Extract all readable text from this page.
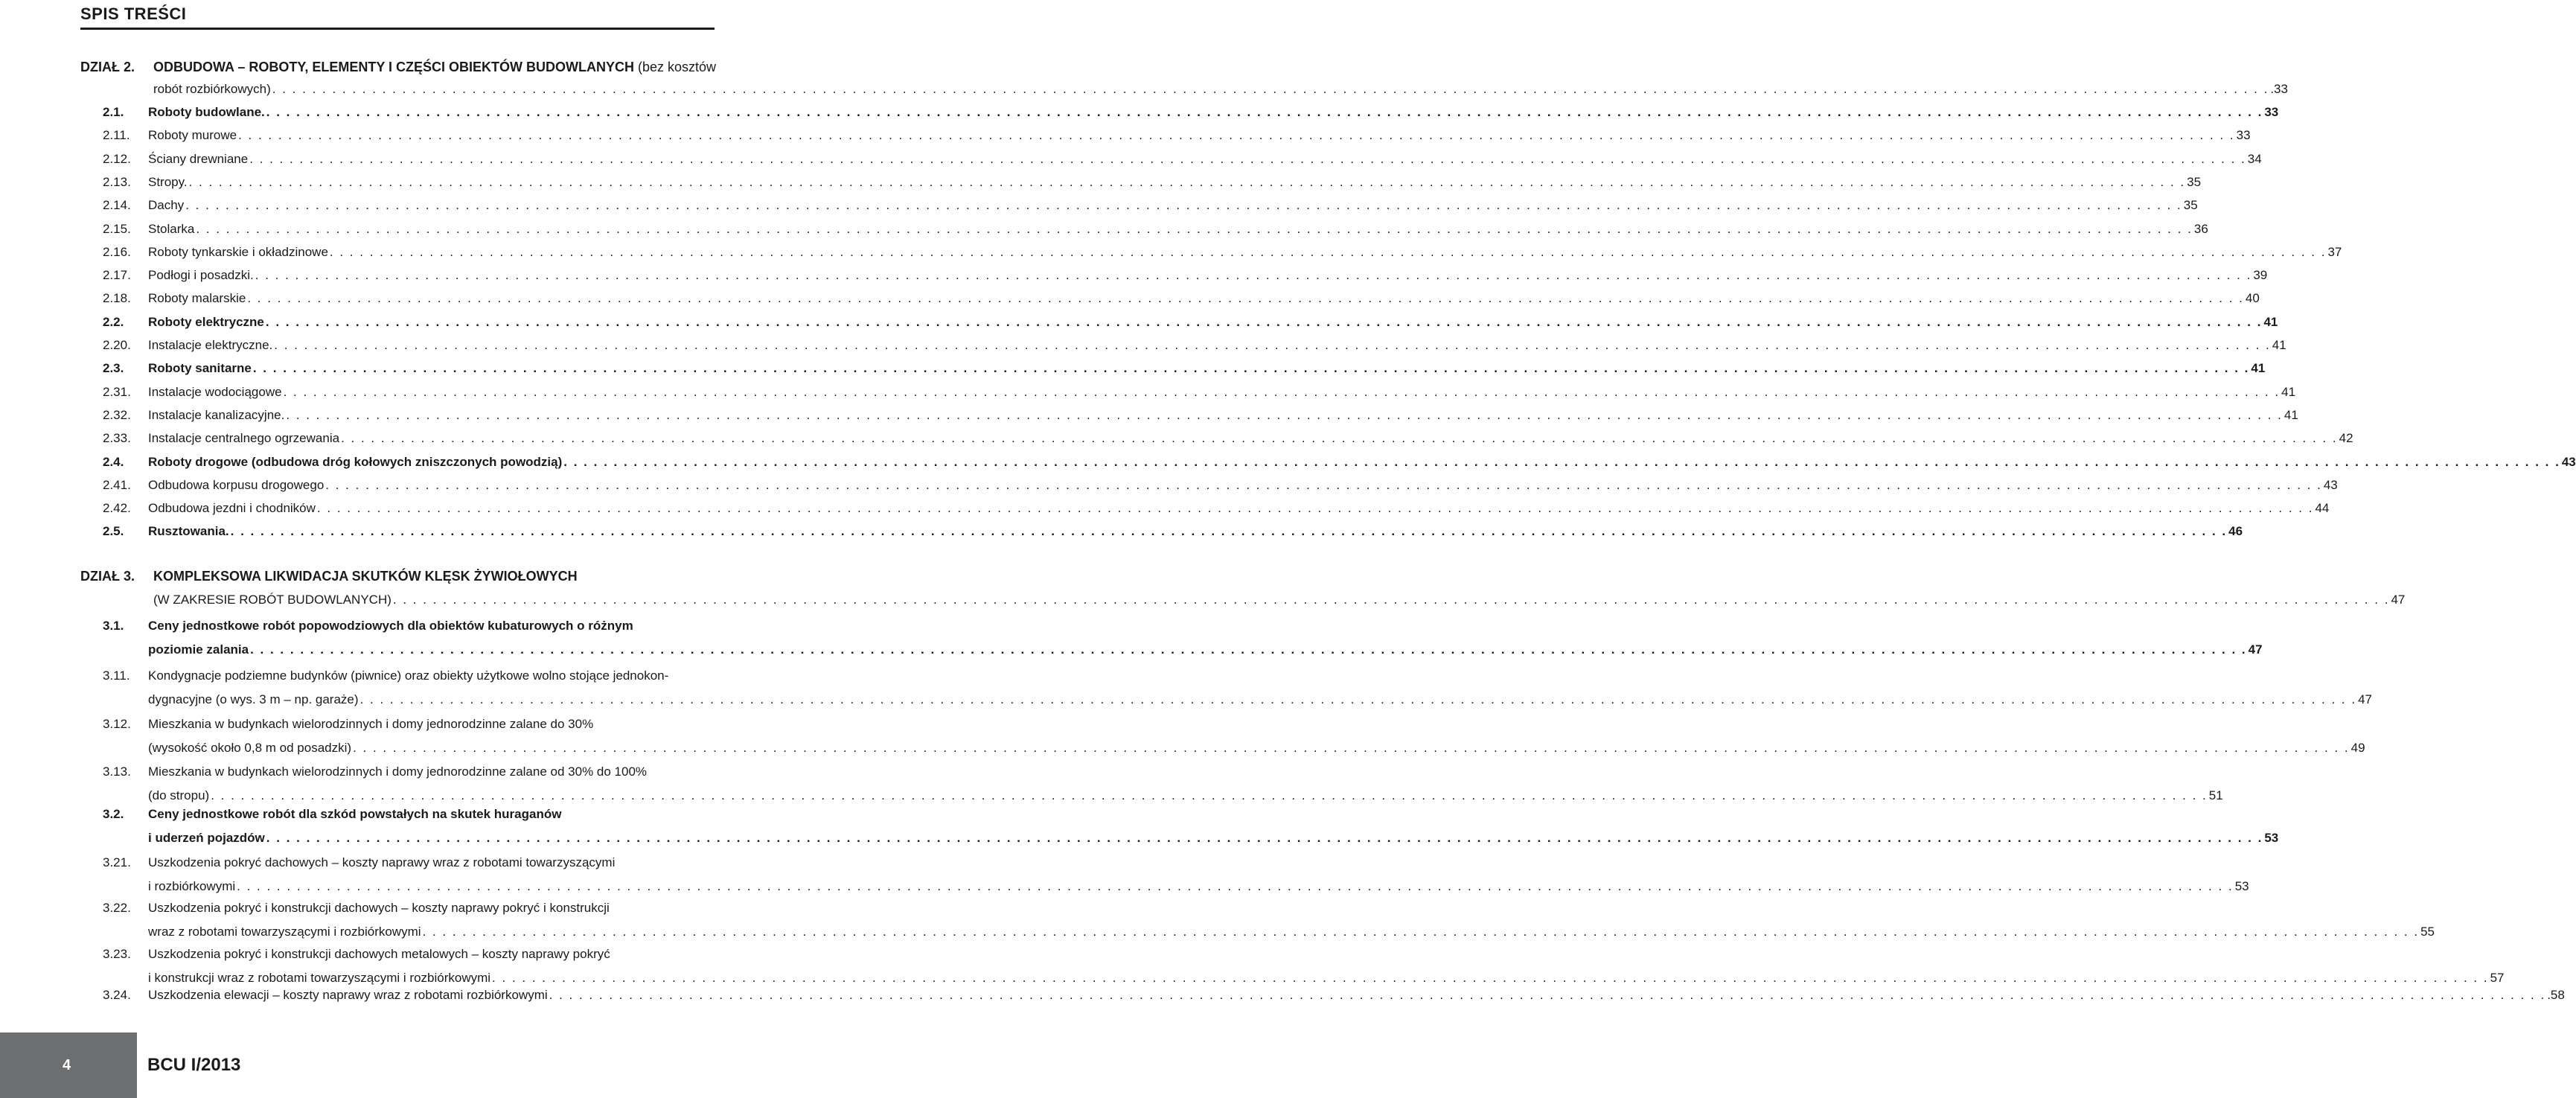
SPIS TREŚCI
DZIAŁ 2. ODBUDOWA – ROBOTY, ELEMENTY I CZĘŚCI OBIEKTÓW BUDOWLANYCH (bez kosztów
robót rozbiórkowych) . . . . . . . . . . . . . . . . . . . . . . . . . . . . . . . . . . . . . . . . . . . . . . . . . . . . . . . . . . . . . . . . . . . . . . . . . . . . . . . . . . . . . . . . . . . . . . . . . . . . . . . . . . . . . . . . . . . . . . . . . . . . . . . . . . . . . . . . . . . . . . . . . . . . . . . . . . . . . . . . . . . . . . . . . . . . . . . . . . . . . . . . . . . . . . . . . . . . . . . . .33
2.1. Roboty budowlane. . . . . . . . . . . . . . . . . . . . . . . . . . . . . . . . . . . . . . . . . . . . . . . . . . . . . . . . . . . . . . . . . . . . . . . . . . . . . . . . . . . . . . . . . . . . . . . . . . . . . . . . . . . . . . . . . . . . . . . . . . . . . . . . . . . . . . . . . . . . . . . . . . . . . . . . . . . . . . . . . . . . . . . . . . . . . . . . . . . . . . . . . . . . . . . . . . . . . . . . . 33
2.11. Roboty murowe . . . . . . . . . . . . . . . . . . . . . . . . . . . . . . . . . . . . . . . . . . . . . . . . . . . . . . . . . . . . . . . . . . . . . . . . . . . . . . . . . . . . . . . . . . . . . . . . . . . . . . . . . . . . . . . . . . . . . . . . . . . . . . . . . . . . . . . . . . . . . . . . . . . . . . . . . . . . . . . . . . . . . . . . . . . . . . . . . . . . . . . . . . . . . . . . . . . . . . . . 33
2.12. Ściany drewniane . . . . . . . . . . . . . . . . . . . . . . . . . . . . . . . . . . . . . . . . . . . . . . . . . . . . . . . . . . . . . . . . . . . . . . . . . . . . . . . . . . . . . . . . . . . . . . . . . . . . . . . . . . . . . . . . . . . . . . . . . . . . . . . . . . . . . . . . . . . . . . . . . . . . . . . . . . . . . . . . . . . . . . . . . . . . . . . . . . . . . . . . . . . . . . . . . . . . . . . . 34
2.13. Stropy. . . . . . . . . . . . . . . . . . . . . . . . . . . . . . . . . . . . . . . . . . . . . . . . . . . . . . . . . . . . . . . . . . . . . . . . . . . . . . . . . . . . . . . . . . . . . . . . . . . . . . . . . . . . . . . . . . . . . . . . . . . . . . . . . . . . . . . . . . . . . . . . . . . . . . . . . . . . . . . . . . . . . . . . . . . . . . . . . . . . . . . . . . . . . . . . . . . . . . . . . 35
2.14. Dachy . . . . . . . . . . . . . . . . . . . . . . . . . . . . . . . . . . . . . . . . . . . . . . . . . . . . . . . . . . . . . . . . . . . . . . . . . . . . . . . . . . . . . . . . . . . . . . . . . . . . . . . . . . . . . . . . . . . . . . . . . . . . . . . . . . . . . . . . . . . . . . . . . . . . . . . . . . . . . . . . . . . . . . . . . . . . . . . . . . . . . . . . . . . . . . . . . . . . . . . . 35
2.15. Stolarka . . . . . . . . . . . . . . . . . . . . . . . . . . . . . . . . . . . . . . . . . . . . . . . . . . . . . . . . . . . . . . . . . . . . . . . . . . . . . . . . . . . . . . . . . . . . . . . . . . . . . . . . . . . . . . . . . . . . . . . . . . . . . . . . . . . . . . . . . . . . . . . . . . . . . . . . . . . . . . . . . . . . . . . . . . . . . . . . . . . . . . . . . . . . . . . . . . . . . . . . 36
2.16. Roboty tynkarskie i okładzinowe . . . . . . . . . . . . . . . . . . . . . . . . . . . . . . . . . . . . . . . . . . . . . . . . . . . . . . . . . . . . . . . . . . . . . . . . . . . . . . . . . . . . . . . . . . . . . . . . . . . . . . . . . . . . . . . . . . . . . . . . . . . . . . . . . . . . . . . . . . . . . . . . . . . . . . . . . . . . . . . . . . . . . . . . . . . . . . . . . . . . . . . . . . . . . . . . . . . . . . . . 37
2.17. Podłogi i posadzki. . . . . . . . . . . . . . . . . . . . . . . . . . . . . . . . . . . . . . . . . . . . . . . . . . . . . . . . . . . . . . . . . . . . . . . . . . . . . . . . . . . . . . . . . . . . . . . . . . . . . . . . . . . . . . . . . . . . . . . . . . . . . . . . . . . . . . . . . . . . . . . . . . . . . . . . . . . . . . . . . . . . . . . . . . . . . . . . . . . . . . . . . . . . . . . . . . . . . . . . . 39
2.18. Roboty malarskie . . . . . . . . . . . . . . . . . . . . . . . . . . . . . . . . . . . . . . . . . . . . . . . . . . . . . . . . . . . . . . . . . . . . . . . . . . . . . . . . . . . . . . . . . . . . . . . . . . . . . . . . . . . . . . . . . . . . . . . . . . . . . . . . . . . . . . . . . . . . . . . . . . . . . . . . . . . . . . . . . . . . . . . . . . . . . . . . . . . . . . . . . . . . . . . . . . . . . . . . 40
2.2. Roboty elektryczne . . . . . . . . . . . . . . . . . . . . . . . . . . . . . . . . . . . . . . . . . . . . . . . . . . . . . . . . . . . . . . . . . . . . . . . . . . . . . . . . . . . . . . . . . . . . . . . . . . . . . . . . . . . . . . . . . . . . . . . . . . . . . . . . . . . . . . . . . . . . . . . . . . . . . . . . . . . . . . . . . . . . . . . . . . . . . . . . . . . . . . . . . . . . . . . . . . . . . . . . 41
2.20. Instalacje elektryczne. . . . . . . . . . . . . . . . . . . . . . . . . . . . . . . . . . . . . . . . . . . . . . . . . . . . . . . . . . . . . . . . . . . . . . . . . . . . . . . . . . . . . . . . . . . . . . . . . . . . . . . . . . . . . . . . . . . . . . . . . . . . . . . . . . . . . . . . . . . . . . . . . . . . . . . . . . . . . . . . . . . . . . . . . . . . . . . . . . . . . . . . . . . . . . . . . . . . . . . . . 41
2.3. Roboty sanitarne . . . . . . . . . . . . . . . . . . . . . . . . . . . . . . . . . . . . . . . . . . . . . . . . . . . . . . . . . . . . . . . . . . . . . . . . . . . . . . . . . . . . . . . . . . . . . . . . . . . . . . . . . . . . . . . . . . . . . . . . . . . . . . . . . . . . . . . . . . . . . . . . . . . . . . . . . . . . . . . . . . . . . . . . . . . . . . . . . . . . . . . . . . . . . . . . . . . . . . . . 41
2.31. Instalacje wodociągowe . . . . . . . . . . . . . . . . . . . . . . . . . . . . . . . . . . . . . . . . . . . . . . . . . . . . . . . . . . . . . . . . . . . . . . . . . . . . . . . . . . . . . . . . . . . . . . . . . . . . . . . . . . . . . . . . . . . . . . . . . . . . . . . . . . . . . . . . . . . . . . . . . . . . . . . . . . . . . . . . . . . . . . . . . . . . . . . . . . . . . . . . . . . . . . . . . . . . . . . . 41
2.32. Instalacje kanalizacyjne. . . . . . . . . . . . . . . . . . . . . . . . . . . . . . . . . . . . . . . . . . . . . . . . . . . . . . . . . . . . . . . . . . . . . . . . . . . . . . . . . . . . . . . . . . . . . . . . . . . . . . . . . . . . . . . . . . . . . . . . . . . . . . . . . . . . . . . . . . . . . . . . . . . . . . . . . . . . . . . . . . . . . . . . . . . . . . . . . . . . . . . . . . . . . . . . . . . . . . . . . 41
2.33. Instalacje centralnego ogrzewania . . . . . . . . . . . . . . . . . . . . . . . . . . . . . . . . . . . . . . . . . . . . . . . . . . . . . . . . . . . . . . . . . . . . . . . . . . . . . . . . . . . . . . . . . . . . . . . . . . . . . . . . . . . . . . . . . . . . . . . . . . . . . . . . . . . . . . . . . . . . . . . . . . . . . . . . . . . . . . . . . . . . . . . . . . . . . . . . . . . . . . . . . . . . . . . . . . . . . . . . 42
2.4. Roboty drogowe (odbudowa dróg kołowych zniszczonych powodzią) . . . . . . . . . . . . . . . . . . . . . . . . . . . . . . . . . . . . . . . . . . . . . . . . . . . . . . . . . . . . . . . . . . . . . . . . . . . . . . . . . . . . . . . . . . . . . . . . . . . . . . . . . . . . . . . . . . . . . . . . . . . . . . . . . . . . . . . . . . . . . . . . . . . . . . . . . . . . . . . . . . . . . . . . . . . . . . . . . . . . . . . . . . . . . . . . . . . . . . . . 43
2.41. Odbudowa korpusu drogowego . . . . . . . . . . . . . . . . . . . . . . . . . . . . . . . . . . . . . . . . . . . . . . . . . . . . . . . . . . . . . . . . . . . . . . . . . . . . . . . . . . . . . . . . . . . . . . . . . . . . . . . . . . . . . . . . . . . . . . . . . . . . . . . . . . . . . . . . . . . . . . . . . . . . . . . . . . . . . . . . . . . . . . . . . . . . . . . . . . . . . . . . . . . . . . . . . . . . . . . . 43
2.42. Odbudowa jezdni i chodników . . . . . . . . . . . . . . . . . . . . . . . . . . . . . . . . . . . . . . . . . . . . . . . . . . . . . . . . . . . . . . . . . . . . . . . . . . . . . . . . . . . . . . . . . . . . . . . . . . . . . . . . . . . . . . . . . . . . . . . . . . . . . . . . . . . . . . . . . . . . . . . . . . . . . . . . . . . . . . . . . . . . . . . . . . . . . . . . . . . . . . . . . . . . . . . . . . . . . . . . 44
2.5. Rusztowania. . . . . . . . . . . . . . . . . . . . . . . . . . . . . . . . . . . . . . . . . . . . . . . . . . . . . . . . . . . . . . . . . . . . . . . . . . . . . . . . . . . . . . . . . . . . . . . . . . . . . . . . . . . . . . . . . . . . . . . . . . . . . . . . . . . . . . . . . . . . . . . . . . . . . . . . . . . . . . . . . . . . . . . . . . . . . . . . . . . . . . . . . . . . . . . . . . . . . . . . . 46
DZIAŁ 3. KOMPLEKSOWA LIKWIDACJA SKUTKÓW KLĘSK ŻYWIOŁOWYCH
(W ZAKRESIE ROBÓT BUDOWLANYCH) . . . . . . . . . . . . . . . . . . . . . . . . . . . . . . . . . . . . . . . . . . . . . . . . . . . . . . . . . . . . . . . . . . . . . . . . . . . . . . . . . . . . . . . . . . . . . . . . . . . . . . . . . . . . . . . . . . . . . . . . . . . . . . . . . . . . . . . . . . . . . . . . . . . . . . . . . . . . . . . . . . . . . . . . . . . . . . . . . . . . . . . . . . . . . . . . . . . . . . . . 47
3.1. Ceny jednostkowe robót popowodziowych dla obiektów kubaturowych o różnym
poziomie zalania . . . . . . . . . . . . . . . . . . . . . . . . . . . . . . . . . . . . . . . . . . . . . . . . . . . . . . . . . . . . . . . . . . . . . . . . . . . . . . . . . . . . . . . . . . . . . . . . . . . . . . . . . . . . . . . . . . . . . . . . . . . . . . . . . . . . . . . . . . . . . . . . . . . . . . . . . . . . . . . . . . . . . . . . . . . . . . . . . . . . . . . . . . . . . . . . . . . . . . . . 47
3.11. Kondygnacje podziemne budynków (piwnice) oraz obiekty użytkowe wolno stojące jednokon-
dygnacyjne (o wys. 3 m – np. garaże) . . . . . . . . . . . . . . . . . . . . . . . . . . . . . . . . . . . . . . . . . . . . . . . . . . . . . . . . . . . . . . . . . . . . . . . . . . . . . . . . . . . . . . . . . . . . . . . . . . . . . . . . . . . . . . . . . . . . . . . . . . . . . . . . . . . . . . . . . . . . . . . . . . . . . . . . . . . . . . . . . . . . . . . . . . . . . . . . . . . . . . . . . . . . . . . . . . . . . . . . 47
3.12. Mieszkania w budynkach wielorodzinnych i domy jednorodzinne zalane do 30%
(wysokość około 0,8 m od posadzki) . . . . . . . . . . . . . . . . . . . . . . . . . . . . . . . . . . . . . . . . . . . . . . . . . . . . . . . . . . . . . . . . . . . . . . . . . . . . . . . . . . . . . . . . . . . . . . . . . . . . . . . . . . . . . . . . . . . . . . . . . . . . . . . . . . . . . . . . . . . . . . . . . . . . . . . . . . . . . . . . . . . . . . . . . . . . . . . . . . . . . . . . . . . . . . . . . . . . . . . . 49
3.13. Mieszkania w budynkach wielorodzinnych i domy jednorodzinne zalane od 30% do 100%
(do stropu) . . . . . . . . . . . . . . . . . . . . . . . . . . . . . . . . . . . . . . . . . . . . . . . . . . . . . . . . . . . . . . . . . . . . . . . . . . . . . . . . . . . . . . . . . . . . . . . . . . . . . . . . . . . . . . . . . . . . . . . . . . . . . . . . . . . . . . . . . . . . . . . . . . . . . . . . . . . . . . . . . . . . . . . . . . . . . . . . . . . . . . . . . . . . . . . . . . . . . . . . 51
3.2. Ceny jednostkowe robót dla szkód powstałych na skutek huraganów
i uderzeń pojazdów . . . . . . . . . . . . . . . . . . . . . . . . . . . . . . . . . . . . . . . . . . . . . . . . . . . . . . . . . . . . . . . . . . . . . . . . . . . . . . . . . . . . . . . . . . . . . . . . . . . . . . . . . . . . . . . . . . . . . . . . . . . . . . . . . . . . . . . . . . . . . . . . . . . . . . . . . . . . . . . . . . . . . . . . . . . . . . . . . . . . . . . . . . . . . . . . . . . . . . . . 53
3.21. Uszkodzenia pokryć dachowych – koszty naprawy wraz z robotami towarzyszącymi
i rozbiórkowymi . . . . . . . . . . . . . . . . . . . . . . . . . . . . . . . . . . . . . . . . . . . . . . . . . . . . . . . . . . . . . . . . . . . . . . . . . . . . . . . . . . . . . . . . . . . . . . . . . . . . . . . . . . . . . . . . . . . . . . . . . . . . . . . . . . . . . . . . . . . . . . . . . . . . . . . . . . . . . . . . . . . . . . . . . . . . . . . . . . . . . . . . . . . . . . . . . . . . . . . . 53
3.22. Uszkodzenia pokryć i konstrukcji dachowych – koszty naprawy pokryć i konstrukcji
wraz z robotami towarzyszącymi i rozbiórkowymi . . . . . . . . . . . . . . . . . . . . . . . . . . . . . . . . . . . . . . . . . . . . . . . . . . . . . . . . . . . . . . . . . . . . . . . . . . . . . . . . . . . . . . . . . . . . . . . . . . . . . . . . . . . . . . . . . . . . . . . . . . . . . . . . . . . . . . . . . . . . . . . . . . . . . . . . . . . . . . . . . . . . . . . . . . . . . . . . . . . . . . . . . . . . . . . . . . . . . . . . 55
3.23. Uszkodzenia pokryć i konstrukcji dachowych metalowych – koszty naprawy pokryć
i konstrukcji wraz z robotami towarzyszącymi i rozbiórkowymi . . . . . . . . . . . . . . . . . . . . . . . . . . . . . . . . . . . . . . . . . . . . . . . . . . . . . . . . . . . . . . . . . . . . . . . . . . . . . . . . . . . . . . . . . . . . . . . . . . . . . . . . . . . . . . . . . . . . . . . . . . . . . . . . . . . . . . . . . . . . . . . . . . . . . . . . . . . . . . . . . . . . . . . . . . . . . . . . . . . . . . . . . . . . . . . . . . . . . . . . 57
3.24. Uszkodzenia elewacji – koszty naprawy wraz z robotami rozbiórkowymi . . . . . . . . . . . . . . . . . . . . . . . . . . . . . . . . . . . . . . . . . . . . . . . . . . . . . . . . . . . . . . . . . . . . . . . . . . . . . . . . . . . . . . . . . . . . . . . . . . . . . . . . . . . . . . . . . . . . . . . . . . . . . . . . . . . . . . . . . . . . . . . . . . . . . . . . . . . . . . . . . . . . . . . . . . . . . . . . . . . . . . . . . . . . . . . . . . . . . . . . .58
4	BCU I/2013
